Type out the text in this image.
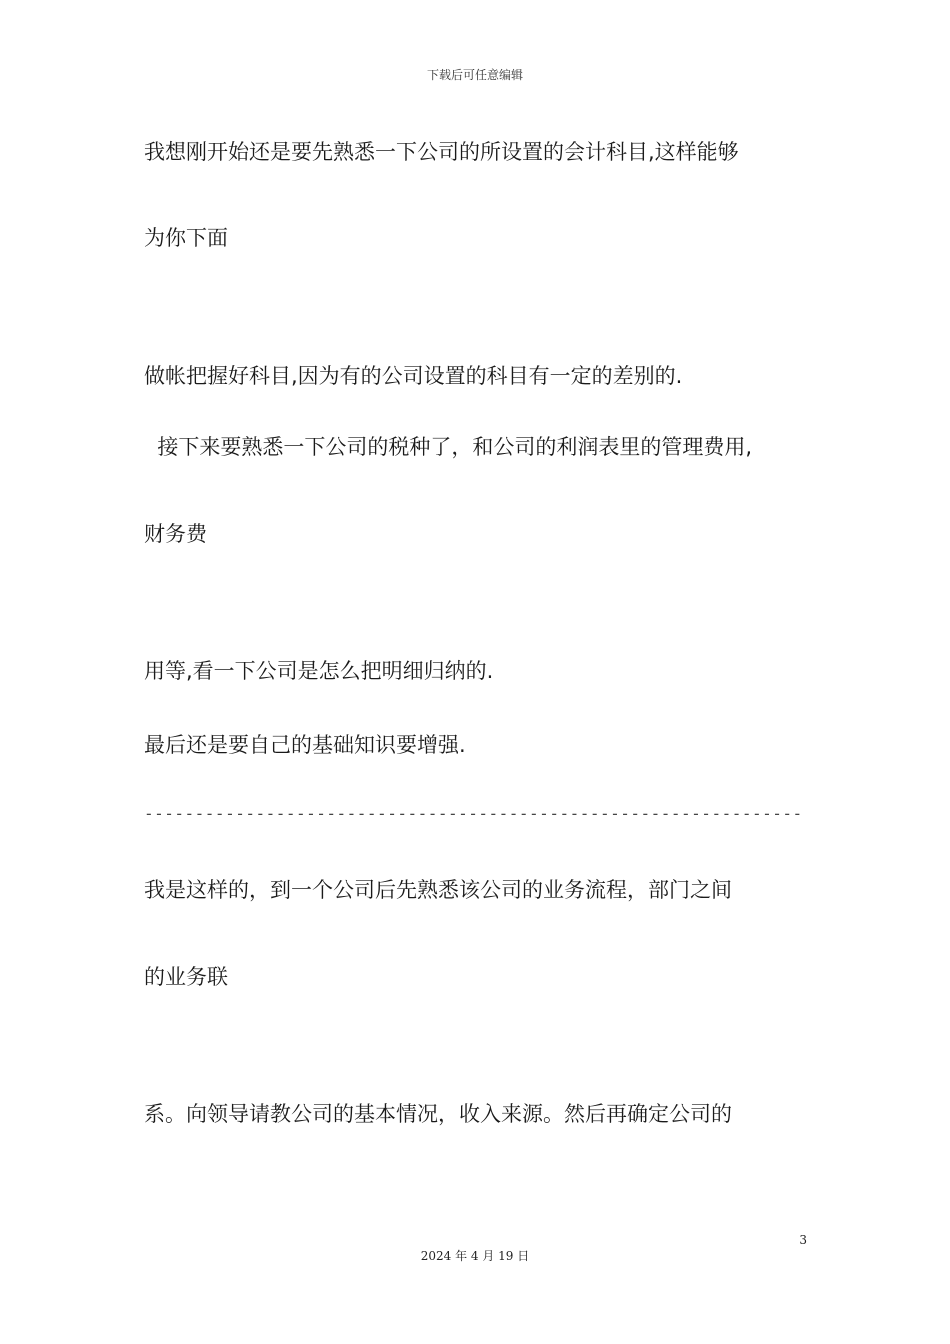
下载后可任意编辑
我想刚开始还是要先熟悉一下公司的所设置的会计科目,这样能够
为你下面
做帐把握好科目,因为有的公司设置的科目有一定的差别的.
接下来要熟悉一下公司的税种了，和公司的利润表里的管理费用,
财务费
用等,看一下公司是怎么把明细归纳的.
最后还是要自己的基础知识要增强.
-----------------------------------------------------------------
我是这样的，到一个公司后先熟悉该公司的业务流程，部门之间
的业务联
系。向领导请教公司的基本情况，收入来源。然后再确定公司的
3
2024 年 4 月 19 日
